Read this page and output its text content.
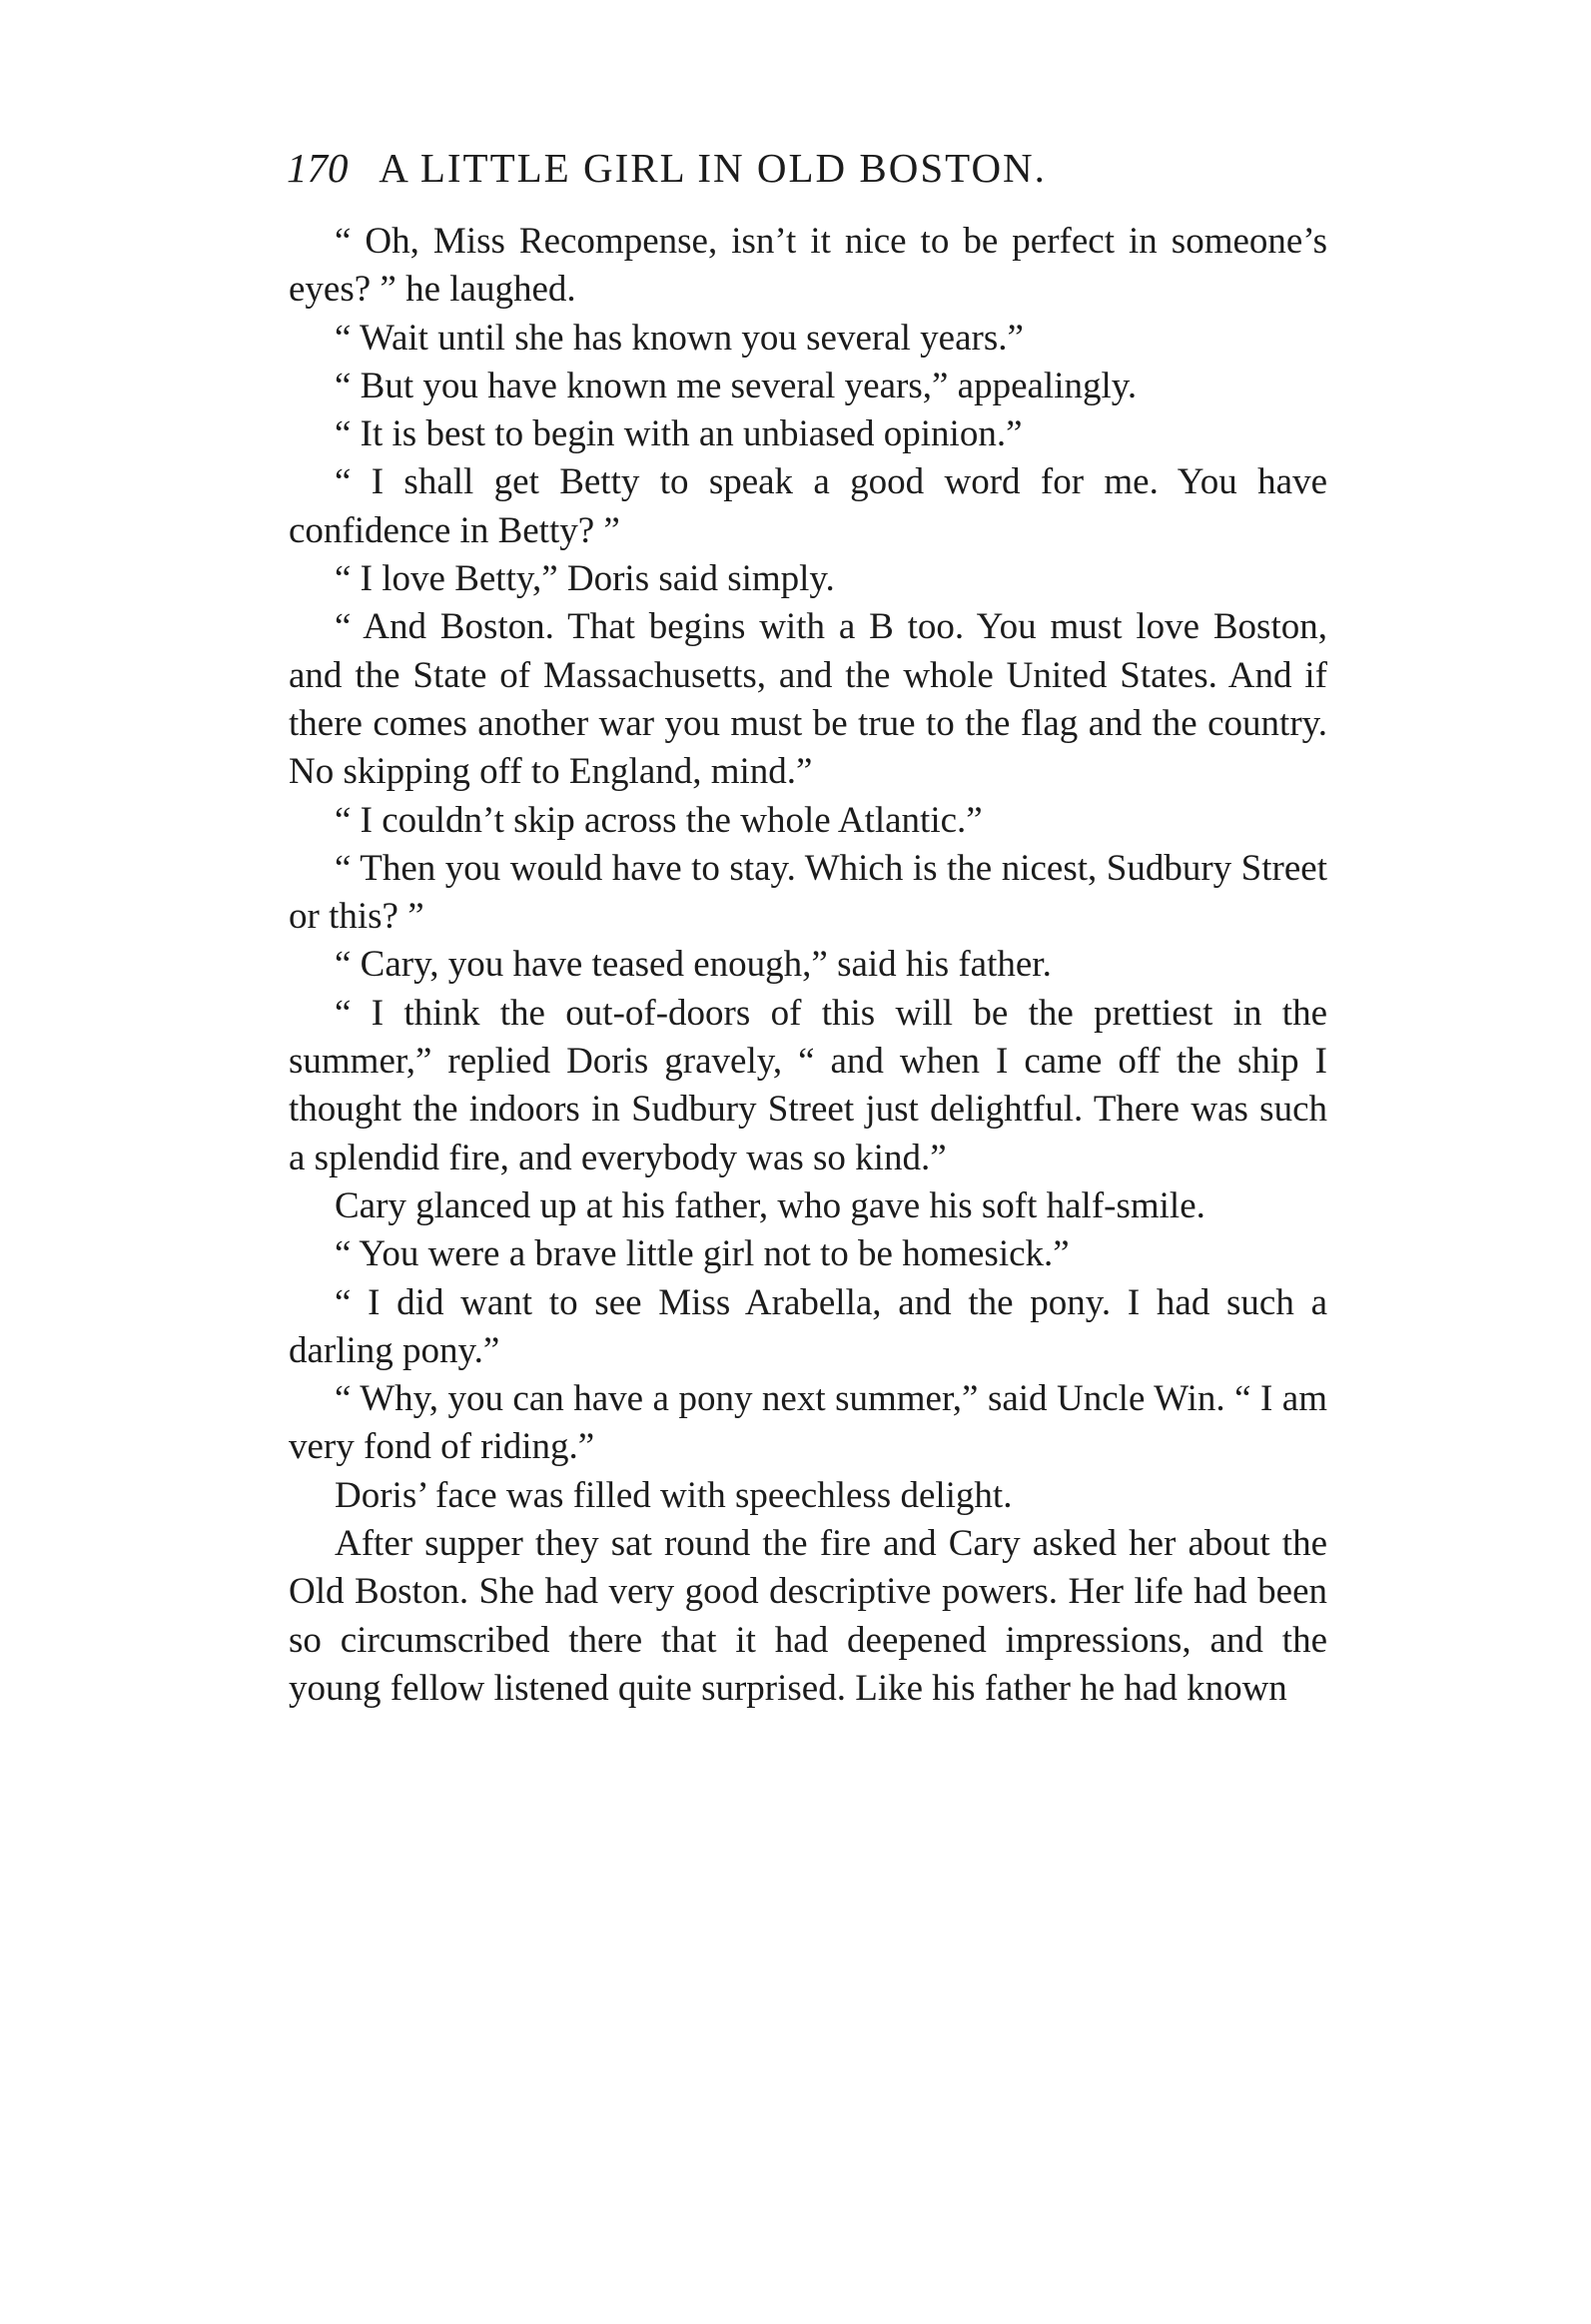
170 A LITTLE GIRL IN OLD BOSTON.

“ Oh, Miss Recompense, isn’t it nice to be perfect in someone’s eyes? ” he laughed.

“ Wait until she has known you several years.”

“ But you have known me several years,” appealingly.

“ It is best to begin with an unbiased opinion.”

“ I shall get Betty to speak a good word for me. You have confidence in Betty? ”

“ I love Betty,” Doris said simply.

“ And Boston. That begins with a B too. You must love Boston, and the State of Massachusetts, and the whole United States. And if there comes another war you must be true to the flag and the country. No skipping off to England, mind.”

“ I couldn’t skip across the whole Atlantic.”

“ Then you would have to stay. Which is the nicest, Sudbury Street or this? ”

“ Cary, you have teased enough,” said his father.

“ I think the out-of-doors of this will be the prettiest in the summer,” replied Doris gravely, “ and when I came off the ship I thought the indoors in Sudbury Street just delightful. There was such a splendid fire, and everybody was so kind.”

Cary glanced up at his father, who gave his soft half-smile.

“ You were a brave little girl not to be homesick.”

“ I did want to see Miss Arabella, and the pony. I had such a darling pony.”

“ Why, you can have a pony next summer,” said Uncle Win. “ I am very fond of riding.”

Doris’ face was filled with speechless delight.

After supper they sat round the fire and Cary asked her about the Old Boston. She had very good descriptive powers. Her life had been so circumscribed there that it had deepened impressions, and the young fellow listened quite surprised. Like his father he had known
